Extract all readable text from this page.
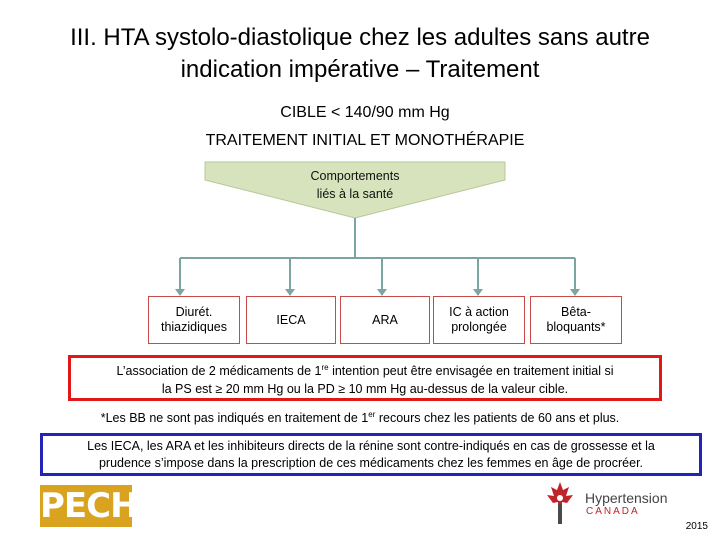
III. HTA systolo-diastolique chez les adultes sans autre
indication impérative – Traitement
CIBLE < 140/90 mm Hg
TRAITEMENT INITIAL ET MONOTHÉRAPIE
Comportements
liés à la santé
Diurét.
thiazidiques
IECA	ARA
IC à action
prolongée
Bêta-
bloquants*
L’association de 2 médicaments de 1re intention peut être envisagée en traitement initial si
la PS est ≥ 20 mm Hg ou la PD ≥ 10 mm Hg au-dessus de la valeur cible.
*Les BB ne sont pas indiqués en traitement de 1er recours chez les patients de 60 ans et plus.
Les IECA, les ARA et les inhibiteurs directs de la rénine sont contre-indiqués en cas de grossesse et la
prudence s’impose dans la prescription de ces médicaments chez les femmes en âge de procréer.
PECH	Hypertension
CANADA
2015
